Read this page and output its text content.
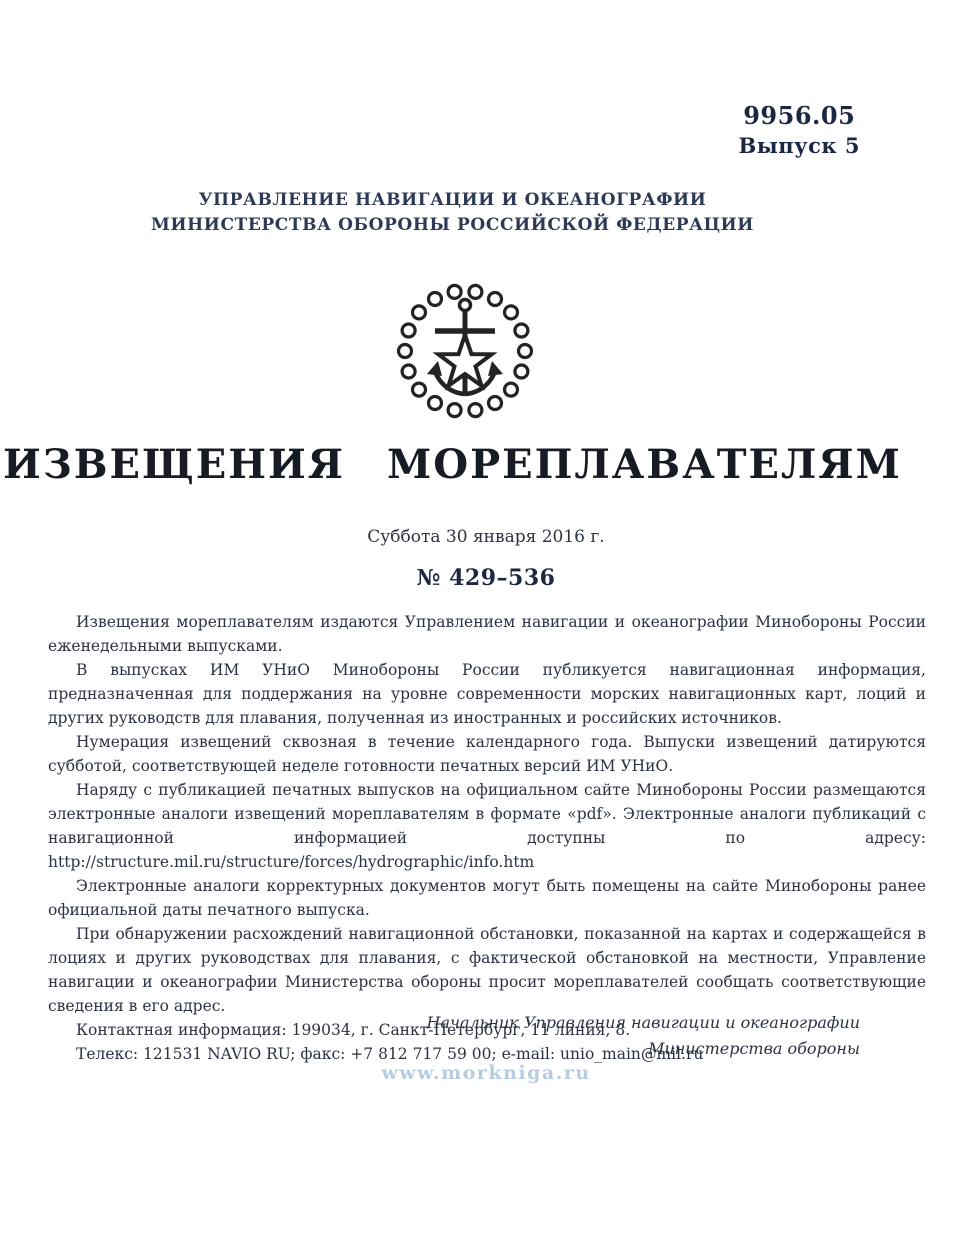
9956.05
Выпуск 5
УПРАВЛЕНИЕ НАВИГАЦИИ И ОКЕАНОГРАФИИ
МИНИСТЕРСТВА ОБОРОНЫ РОССИЙСКОЙ ФЕДЕРАЦИИ
ИЗВЕЩЕНИЯ МОРЕПЛАВАТЕЛЯМ
Суббота 30 января 2016 г.
№ 429–536

Извещения мореплавателям издаются Управлением навигации и океанографии Минобороны России еженедельными выпусками.

В выпусках ИМ УНиО Минобороны России публикуется навигационная информация, предназначенная для поддержания на уровне современности морских навигационных карт, лоций и других руководств для плавания, полученная из иностранных и российских источников.

Нумерация извещений сквозная в течение календарного года. Выпуски извещений датируются субботой, соответствующей неделе готовности печатных версий ИМ УНиО.

Наряду с публикацией печатных выпусков на официальном сайте Минобороны России размещаются электронные аналоги извещений мореплавателям в формате «pdf». Электронные аналоги публикаций с навигационной информацией доступны по адресу:

http://structure.mil.ru/structure/forces/hydrographic/info.htm

Электронные аналоги корректурных документов могут быть помещены на сайте Минобороны ранее официальной даты печатного выпуска.

При обнаружении расхождений навигационной обстановки, показанной на картах и содержащейся в лоциях и других руководствах для плавания, с фактической обстановкой на местности, Управление навигации и океанографии Министерства обороны просит мореплавателей сообщать соответствующие сведения в его адрес.

Контактная информация: 199034, г. Санкт-Петербург, 11 линия, 8.

Телекс: 121531 NAVIO RU; факс: +7 812 717 59 00; e-mail: unio_main@mil.ru

Начальник Управления навигации и океанографии
Министерства обороны
www.morkniga.ru
